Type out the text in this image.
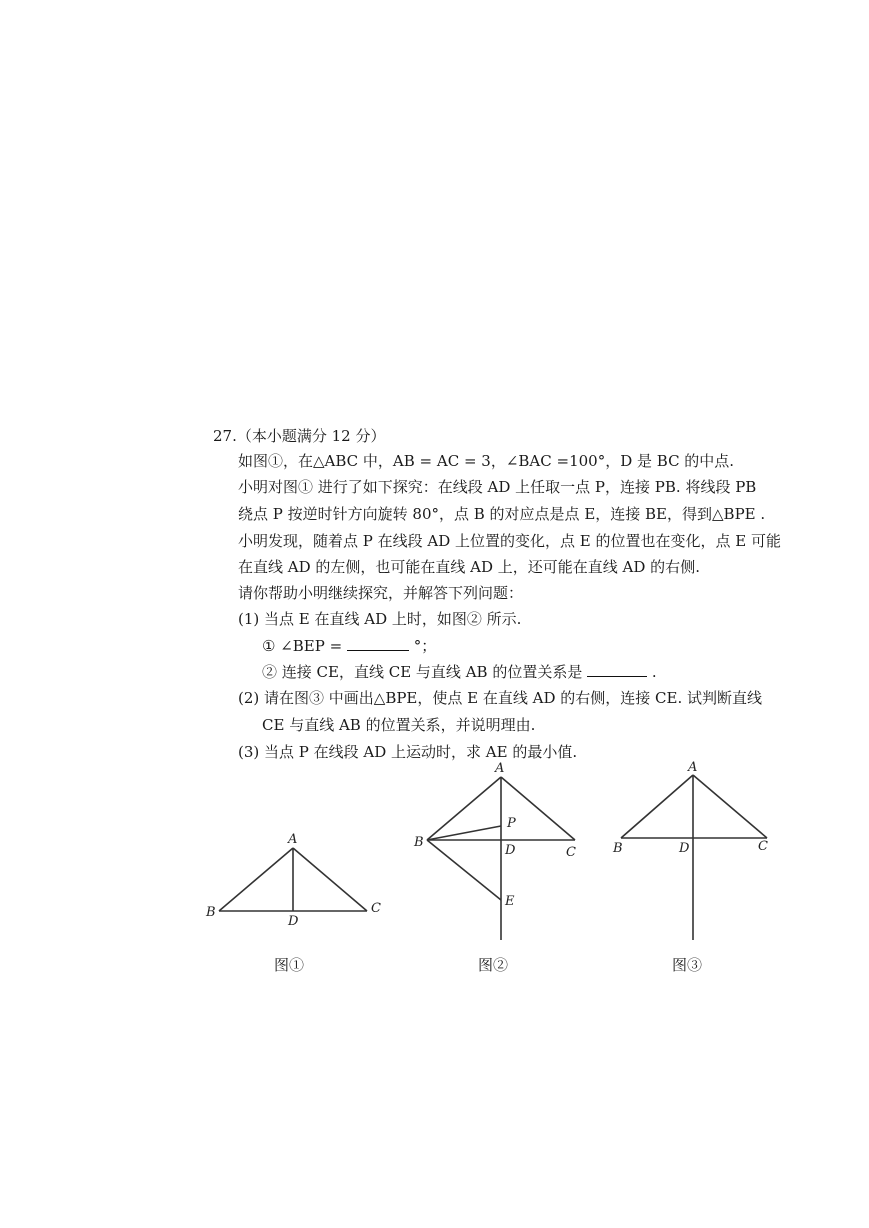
27.（本小题满分 12 分）
如图①，在△ABC 中，AB = AC = 3，∠BAC =100°，D 是 BC 的中点.
小明对图① 进行了如下探究：在线段 AD 上任取一点 P，连接 PB. 将线段 PB
绕点 P 按逆时针方向旋转 80°，点 B 的对应点是点 E，连接 BE，得到△BPE .
小明发现，随着点 P 在线段 AD 上位置的变化，点 E 的位置也在变化，点 E 可能
在直线 AD 的左侧，也可能在直线 AD 上，还可能在直线 AD 的右侧.
请你帮助小明继续探究，并解答下列问题：
(1) 当点 E 在直线 AD 上时，如图② 所示.
① ∠BEP =	°；
② 连接 CE，直线 CE 与直线 AB 的位置关系是	.
(2) 请在图③ 中画出△BPE，使点 E 在直线 AD 的右侧，连接 CE. 试判断直线
CE 与直线 AB 的位置关系，并说明理由.
(3) 当点 P 在线段 AD 上运动时，求 AE 的最小值.
A
B	C
D
A
B
C
D
P
E
A
B	C
D
图①	图②	图③
